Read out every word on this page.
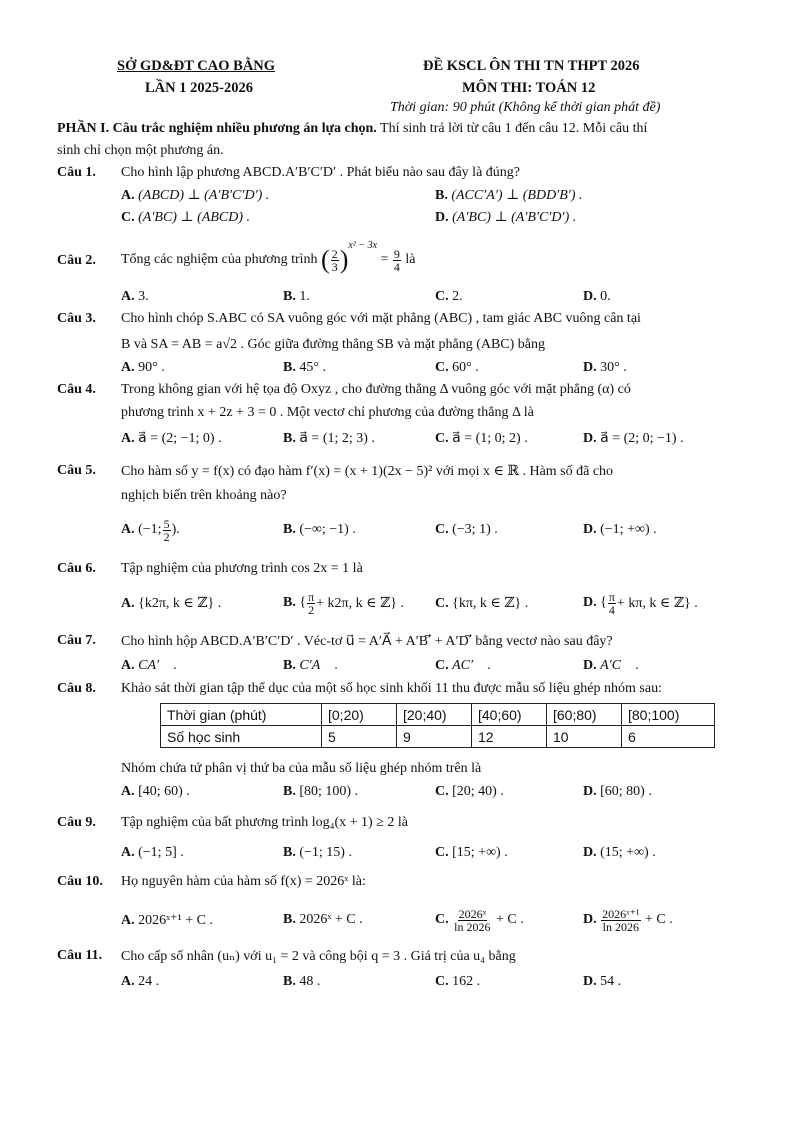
SỞ GD&ĐT CAO BẰNG
LẦN 1 2025-2026
ĐỀ KSCL ÔN THI TN THPT 2026
MÔN THI: TOÁN 12
Thời gian: 90 phút (Không kể thời gian phát đề)
PHẦN I. Câu trắc nghiệm nhiều phương án lựa chọn. Thí sinh trả lời từ câu 1 đến câu 12. Mỗi câu thí
sinh chỉ chọn một phương án.
Câu 1. Cho hình lập phương ABCD.A′B′C′D′ . Phát biểu nào sau đây là đúng?
A. (ABCD) ⊥ (A′B′C′D′) .	B. (ACC′A′) ⊥ (BDD′B′) .
C. (A′BC) ⊥ (ABCD) .	D. (A′BC) ⊥ (A′B′C′D′) .
Câu 2. Tổng các nghiệm của phương trình
( $\frac{2}{3} )^{x^2 - 3x}$

=
$\frac{9}{4}$
là
A. 3.	B. 1.	C. 2.	D. 0.
Câu 3. Cho hình chóp S.ABC có SA vuông góc với mặt phẳng (ABC) , tam giác ABC vuông cân tại
B và SA = AB = a√2 . Góc giữa đường thẳng SB và mặt phẳng (ABC) bằng
A. 90° .	B. 45° .	C. 60° .	D. 30° .
Câu 4. Trong không gian với hệ tọa độ Oxyz , cho đường thẳng Δ vuông góc với mặt phẳng (α) có
phương trình x + 2z + 3 = 0 . Một vectơ chỉ phương của đường thẳng Δ là
A. a⃗ = (2; −1; 0) .	B. a⃗ = (1; 2; 3) .	C. a⃗ = (1; 0; 2) .	D. a⃗ = (2; 0; −1) .
Câu 5. Cho hàm số y = f(x) có đạo hàm f′(x) = (x + 1)(2x − 5)² với mọi x ∈ ℝ . Hàm số đã cho
nghịch biến trên khoảng nào?
A.
(−1; $\frac{5}{2}$ ).	B. (−∞; −1) .	C. (−3; 1) .	D. (−1; +∞) .
Câu 6. Tập nghiệm của phương trình cos 2x = 1 là
A. {k2π, k ∈ ℤ} .	B.
{ $\frac{\pi}{2} + k2\pi$, k ∈ ℤ} . C. {kπ, k ∈ ℤ} .	D.
{ $\frac{\pi}{4} + k\pi$, k ∈ ℤ} .
Câu 7. Cho hình hộp ABCD.A′B′C′D′ . Véc-tơ u⃗ = A′A⃗ + A′B′⃗ + A′D′⃗ bằng vectơ nào sau đây?
A. CA′⃗ .	B. C′A⃗ .	C. AC′⃗ .	D. A′C⃗ .
Câu 8. Khảo sát thời gian tập thể dục của một số học sinh khối 11 thu được mẫu số liệu ghép nhóm sau:
Thời gian (phút)	[0;20)	[20;40)	[40;60)	[60;80)	[80;100)
Số học sinh	5	9	12	10	6
Nhóm chứa tứ phân vị thứ ba của mẫu số liệu ghép nhóm trên là
A. [40; 60) .	B. [80; 100) .	C. [20; 40) .	D. [60; 80) .
Câu 9. Tập nghiệm của bất phương trình log₄(x + 1) ≥ 2 là
A. (−1; 5] .	B. (−1; 15) .	C. [15; +∞) .	D. (15; +∞) .
Câu 10. Họ nguyên hàm của hàm số f(x) = 2026ˣ là:
A. 2026ˣ⁺¹ + C .	B. 2026ˣ + C .	C.
$\frac{\text{2026ˣ}}{\ln 2026}$
+ C .	D.
$\frac{\text{2026ˣ⁺¹}}{\ln 2026}$
+ C .
Câu 11. Cho cấp số nhân (uₙ) với u₁ = 2 và công bội q = 3 . Giá trị của u₄ bằng
A. 24 .	B. 48 .	C. 162 .	D. 54 .
